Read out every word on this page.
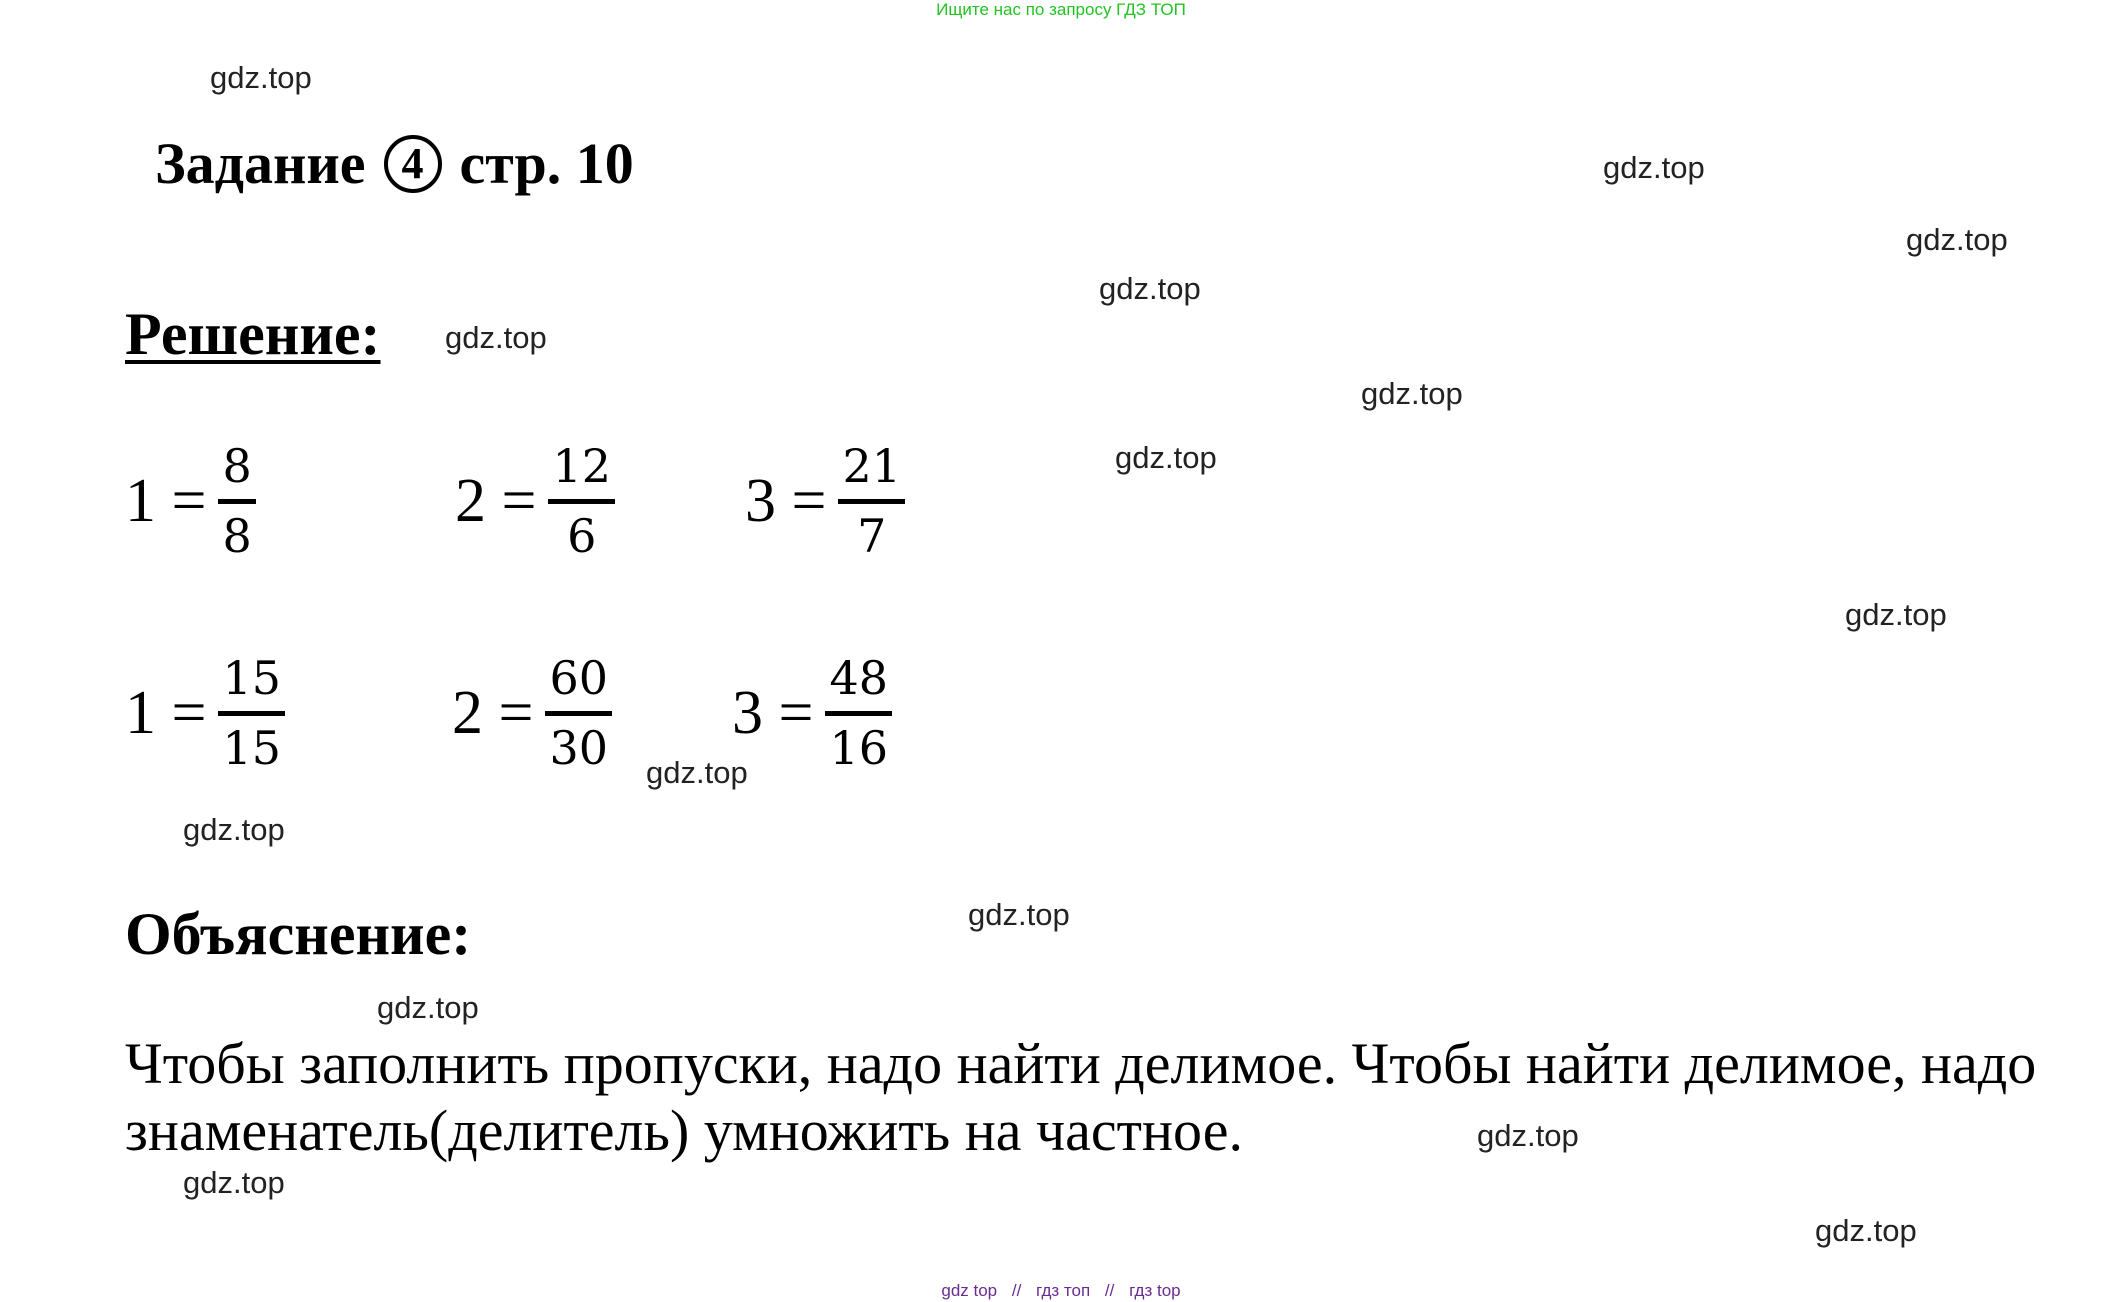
Ищите нас по запросу ГДЗ ТОП
gdz.top
gdz.top
gdz.top
gdz.top
gdz.top
gdz.top
gdz.top
gdz.top
gdz.top
gdz.top
gdz.top
gdz.top
gdz.top
gdz.top
gdz.top
Задание 4 стр. 10
Решение:
$1 = \frac{8}{8}$	$2 = \frac{12}{6} 3 = \frac{21}{7}$
$1 = \frac{15}{15}$	$2 = \frac{60}{30} 3 = \frac{48}{16}$
Объяснение:
Чтобы заполнить пропуски, надо найти делимое. Чтобы найти делимое, надо знаменатель(делитель) умножить на частное.
gdz top // гдз топ // гдз top
